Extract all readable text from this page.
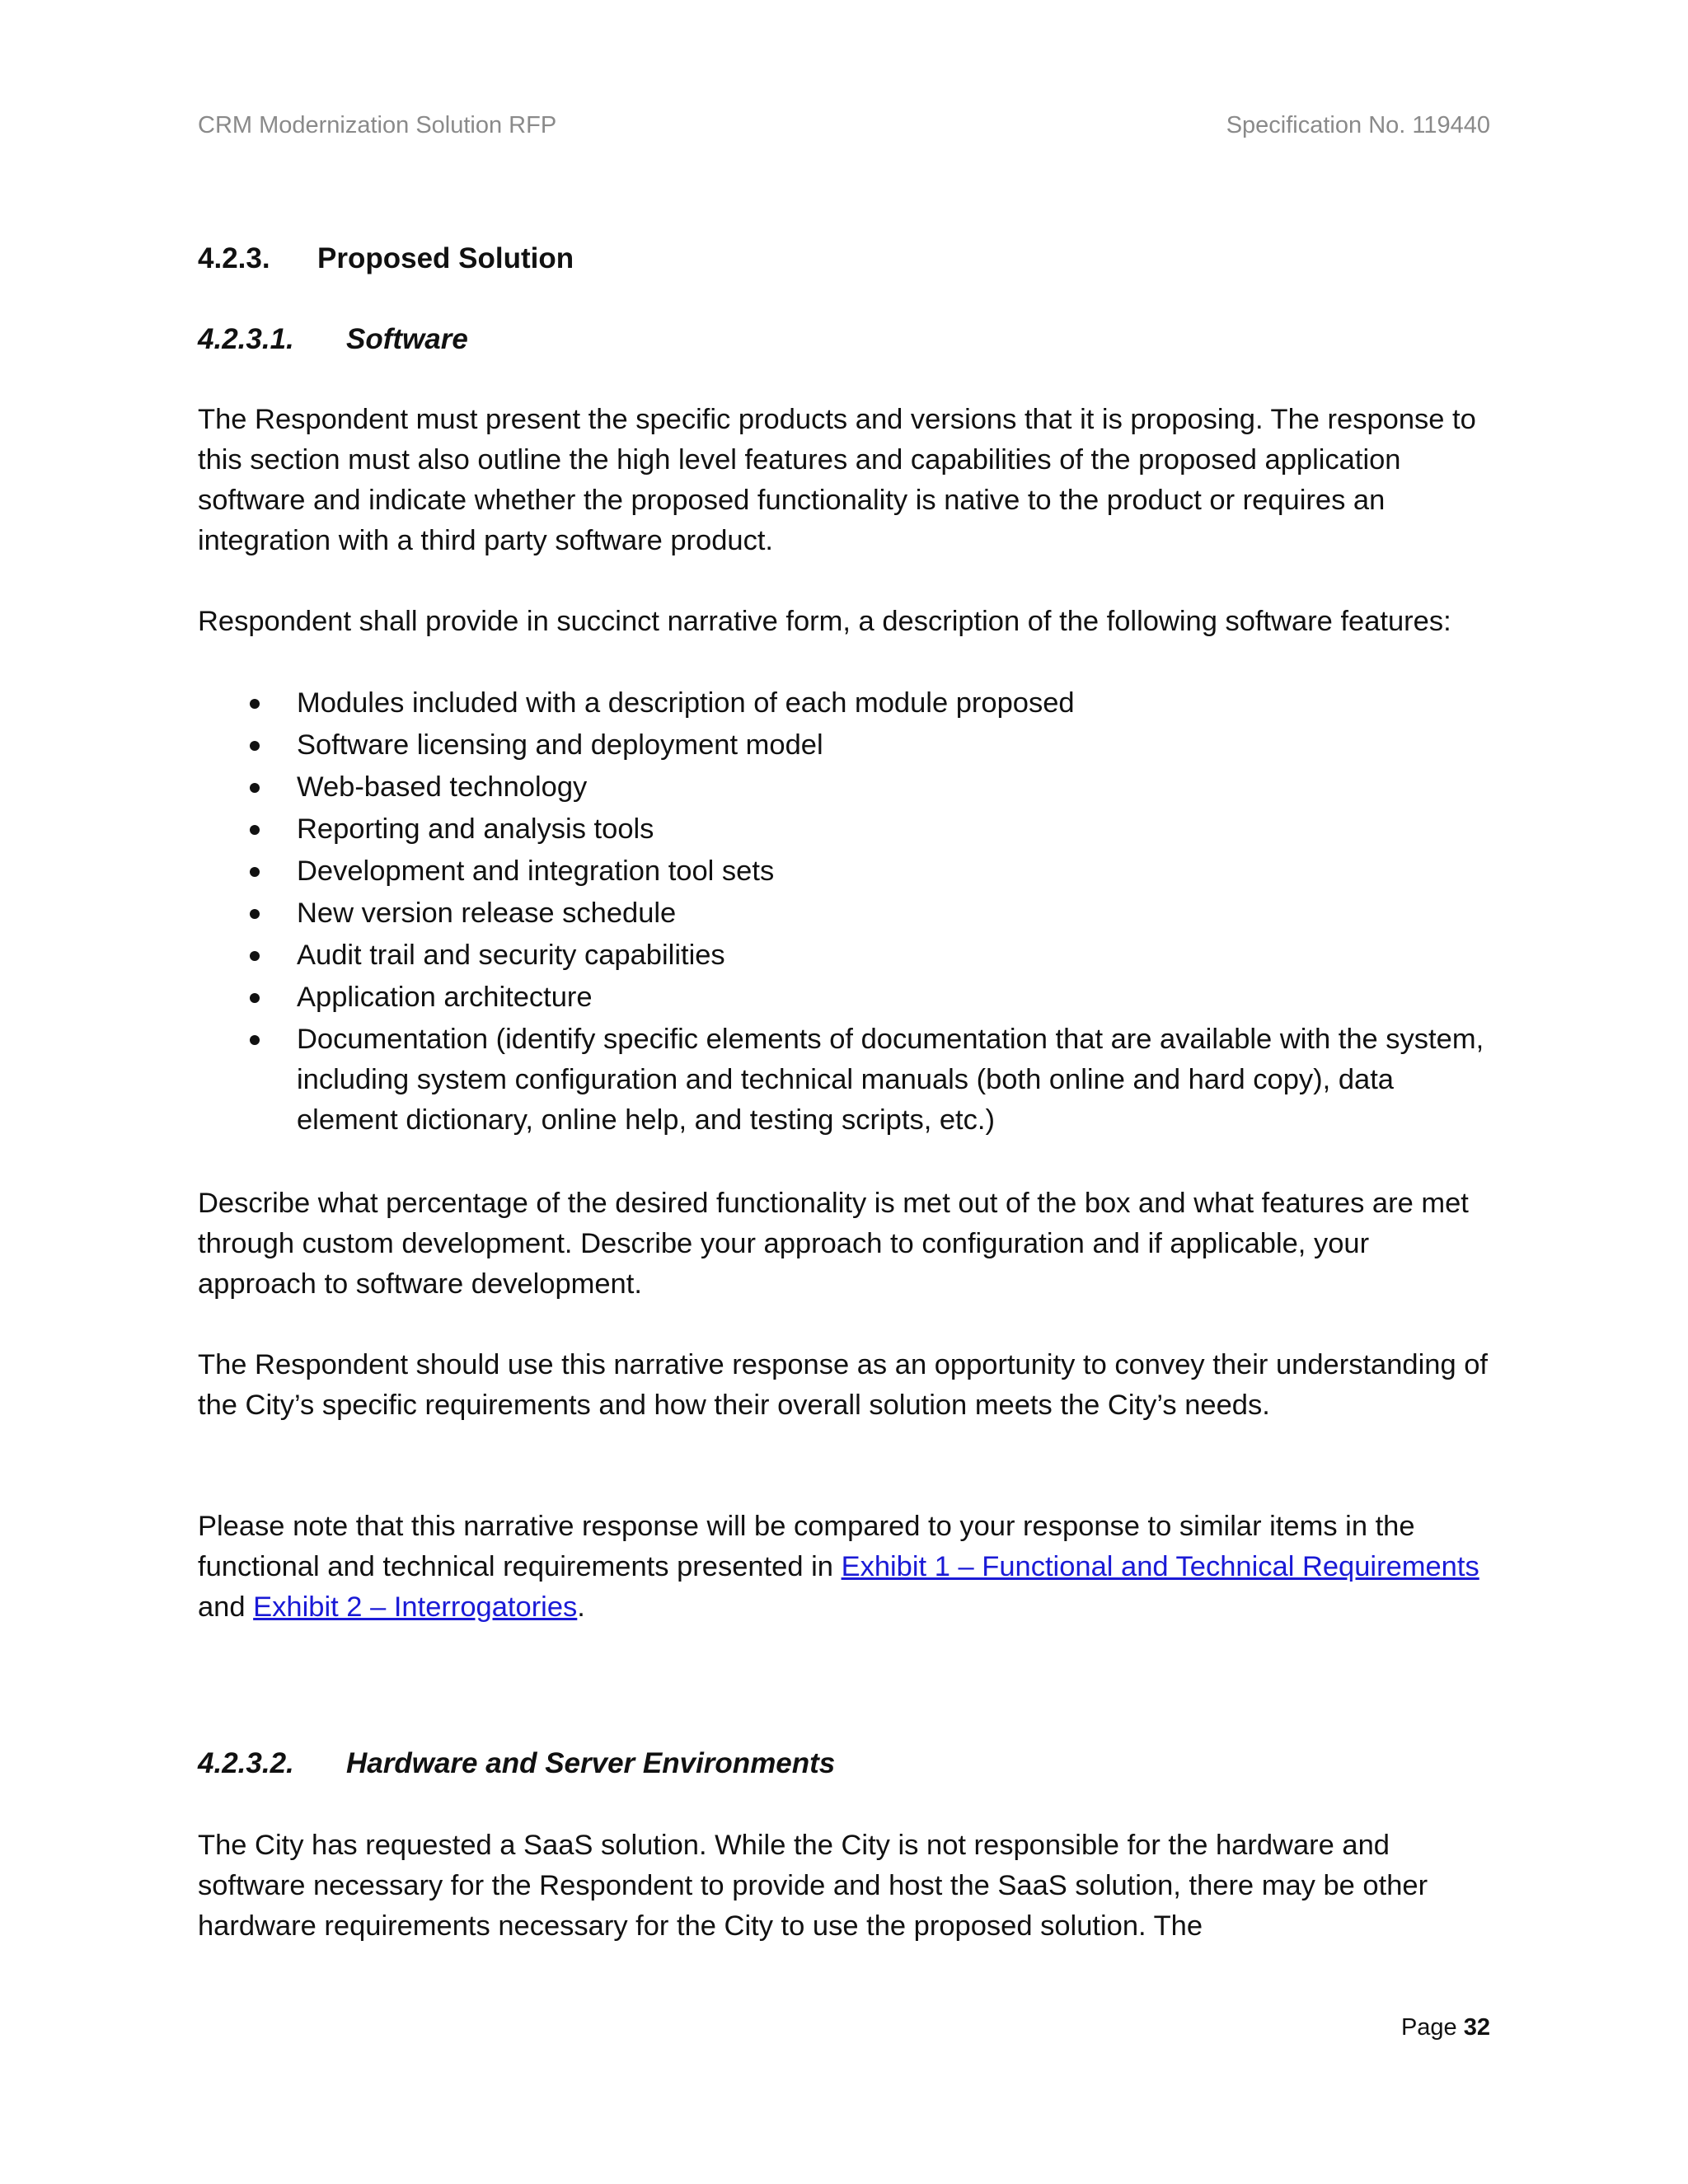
CRM Modernization Solution RFP	Specification No. 119440
4.2.3. Proposed Solution
4.2.3.1. Software

The Respondent must present the specific products and versions that it is proposing. The response to this section must also outline the high level features and capabilities of the proposed application software and indicate whether the proposed functionality is native to the product or requires an integration with a third party software product.

Respondent shall provide in succinct narrative form, a description of the following software features:

Modules included with a description of each module proposed
Software licensing and deployment model
Web-based technology
Reporting and analysis tools
Development and integration tool sets
New version release schedule
Audit trail and security capabilities
Application architecture
Documentation (identify specific elements of documentation that are available with the system, including system configuration and technical manuals (both online and hard copy), data element dictionary, online help, and testing scripts, etc.)

Describe what percentage of the desired functionality is met out of the box and what features are met through custom development. Describe your approach to configuration and if applicable, your approach to software development.

The Respondent should use this narrative response as an opportunity to convey their understanding of the City’s specific requirements and how their overall solution meets the City’s needs.

Please note that this narrative response will be compared to your response to similar items in the functional and technical requirements presented in Exhibit 1 – Functional and Technical Requirements and Exhibit 2 – Interrogatories.

4.2.3.2. Hardware and Server Environments

The City has requested a SaaS solution. While the City is not responsible for the hardware and software necessary for the Respondent to provide and host the SaaS solution, there may be other hardware requirements necessary for the City to use the proposed solution. The

Page 32
